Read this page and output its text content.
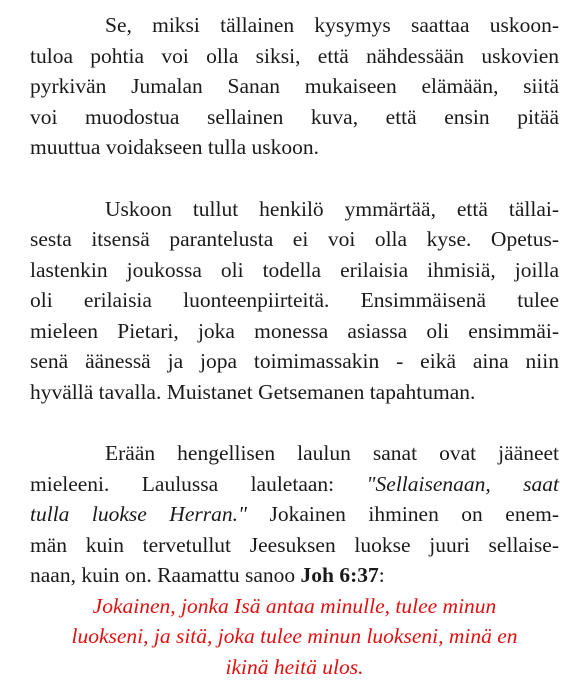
Se, miksi tällainen kysymys saattaa uskoon-
tuloa pohtia voi olla siksi, että nähdessään uskovien
pyrkivän Jumalan Sanan mukaiseen elämään, siitä
voi muodostua sellainen kuva, että ensin pitää
muuttua voidakseen tulla uskoon.

Uskoon tullut henkilö ymmärtää, että tällai-
sesta itsensä parantelusta ei voi olla kyse. Opetus-
lastenkin joukossa oli todella erilaisia ihmisiä, joilla
oli erilaisia luonteenpiirteitä. Ensimmäisenä tulee
mieleen Pietari, joka monessa asiassa oli ensimmäi-
senä äänessä ja jopa toimimassakin - eikä aina niin
hyvällä tavalla. Muistanet Getsemanen tapahtuman.

Erään hengellisen laulun sanat ovat jääneet
mieleeni. Laulussa lauletaan: "Sellaisenaan, saat
tulla luokse Herran." Jokainen ihminen on enem-
män kuin tervetullut Jeesuksen luokse juuri sellaise-
naan, kuin on. Raamattu sanoo Joh 6:37:

Jokainen, jonka Isä antaa minulle, tulee minun
luokseni, ja sitä, joka tulee minun luokseni, minä en
ikinä heitä ulos.
